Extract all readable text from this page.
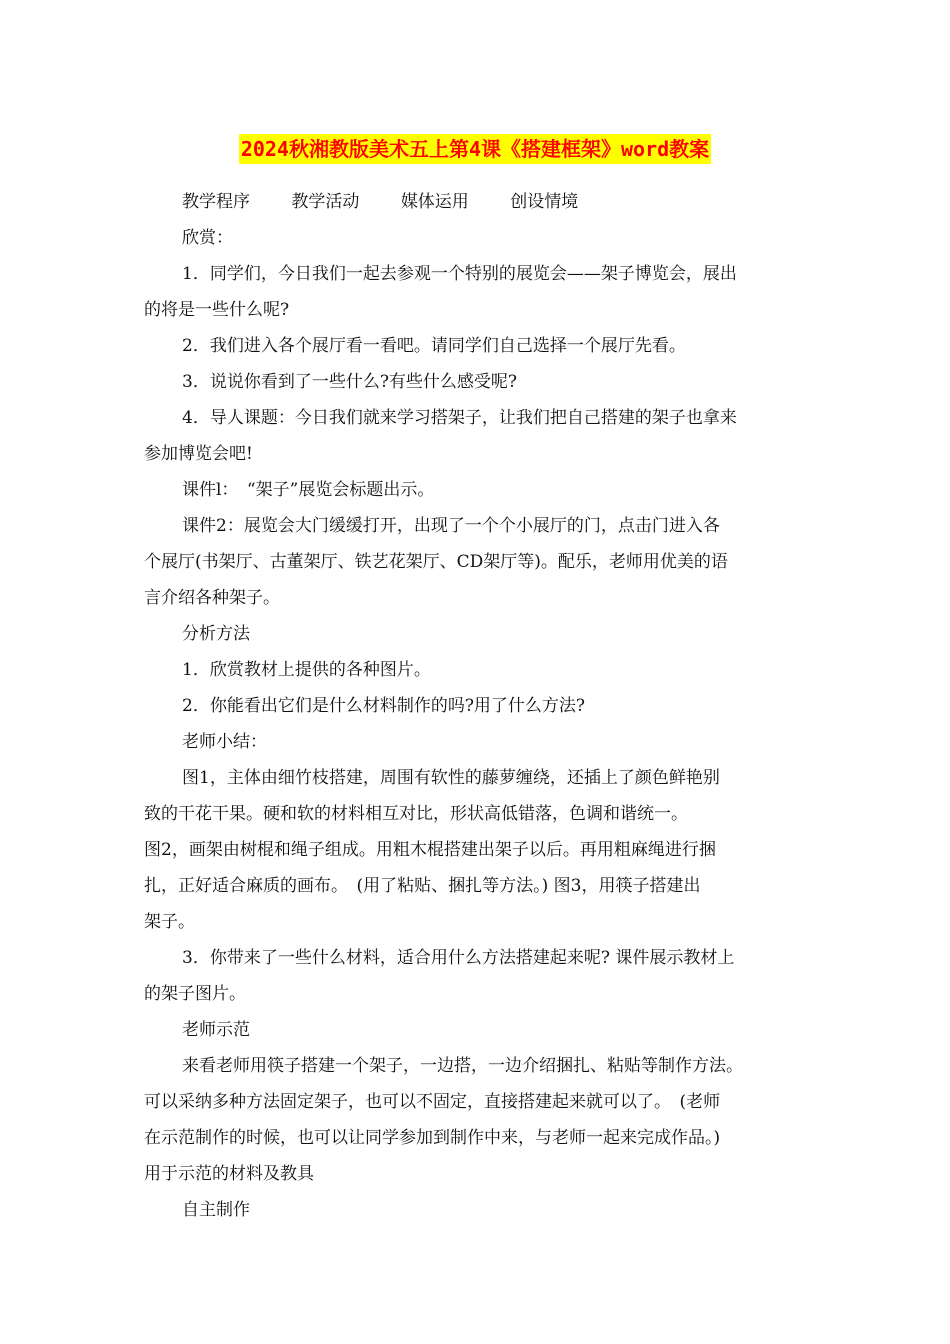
2024秋湘教版美术五上第4课《搭建框架》word教案
教学程序 教学活动 媒体运用 创设情境
欣赏：
1．同学们，今日我们一起去参观一个特别的展览会——架子博览会，展出
的将是一些什么呢?
2．我们进入各个展厅看一看吧。请同学们自己选择一个展厅先看。
3．说说你看到了一些什么?有些什么感受呢?
4．导人课题：今日我们就来学习搭架子，让我们把自己搭建的架子也拿来
参加博览会吧!
课件l：　“架子”展览会标题出示。
课件2：展览会大门缓缓打开，出现了一个个小展厅的门，点击门进入各
个展厅(书架厅、古董架厅、铁艺花架厅、CD架厅等)。配乐，老师用优美的语
言介绍各种架子。
分析方法
1．欣赏教材上提供的各种图片。
2．你能看出它们是什么材料制作的吗?用了什么方法?
老师小结：
图1，主体由细竹枝搭建，周围有软性的藤萝缠绕，还插上了颜色鲜艳别
致的干花干果。硬和软的材料相互对比，形状高低错落，色调和谐统一。
图2，画架由树棍和绳子组成。用粗木棍搭建出架子以后。再用粗麻绳进行捆
扎，正好适合麻质的画布。　(用了粘贴、捆扎等方法。) 图3，用筷子搭建出
架子。
3．你带来了一些什么材料，适合用什么方法搭建起来呢? 课件展示教材上
的架子图片。
老师示范
来看老师用筷子搭建一个架子，一边搭，一边介绍捆扎、粘贴等制作方法。
可以采纳多种方法固定架子，也可以不固定，直接搭建起来就可以了。　(老师
在示范制作的时候，也可以让同学参加到制作中来，与老师一起来完成作品。)
用于示范的材料及教具
自主制作
